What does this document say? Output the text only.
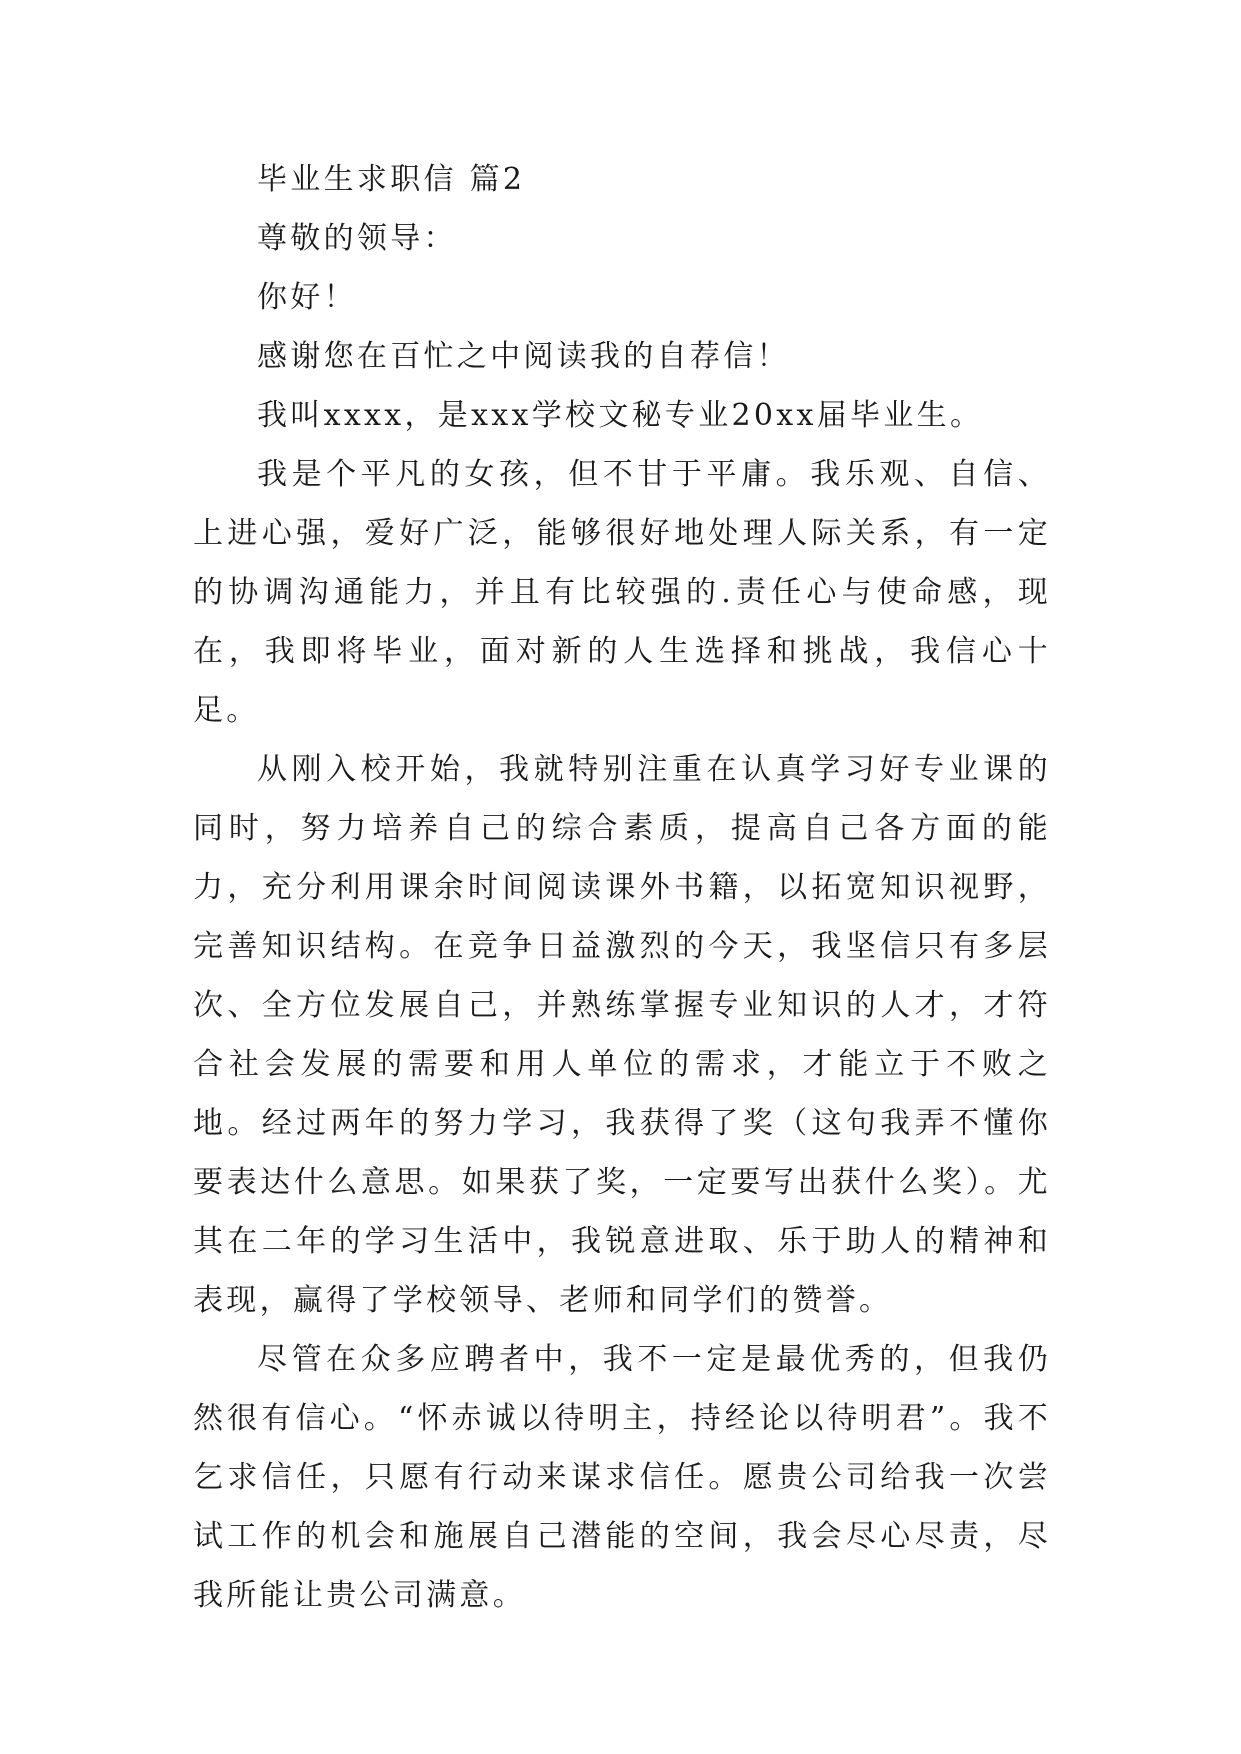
毕业生求职信 篇2

尊敬的领导：

你好！

感谢您在百忙之中阅读我的自荐信！

我叫xxxx，是xxx学校文秘专业20xx届毕业生。

我是个平凡的女孩，但不甘于平庸。我乐观、自信、上进心强，爱好广泛，能够很好地处理人际关系，有一定的协调沟通能力，并且有比较强的.责任心与使命感，现在，我即将毕业，面对新的人生选择和挑战，我信心十足。

从刚入校开始，我就特别注重在认真学习好专业课的同时，努力培养自己的综合素质，提高自己各方面的能力，充分利用课余时间阅读课外书籍，以拓宽知识视野，完善知识结构。在竞争日益激烈的今天，我坚信只有多层次、全方位发展自己，并熟练掌握专业知识的人才，才符合社会发展的需要和用人单位的需求，才能立于不败之地。经过两年的努力学习，我获得了奖（这句我弄不懂你要表达什么意思。如果获了奖，一定要写出获什么奖）。尤其在二年的学习生活中，我锐意进取、乐于助人的精神和表现，赢得了学校领导、老师和同学们的赞誉。

尽管在众多应聘者中，我不一定是最优秀的，但我仍然很有信心。“怀赤诚以待明主，持经论以待明君”。我不乞求信任，只愿有行动来谋求信任。愿贵公司给我一次尝试工作的机会和施展自己潜能的空间，我会尽心尽责，尽我所能让贵公司满意。
